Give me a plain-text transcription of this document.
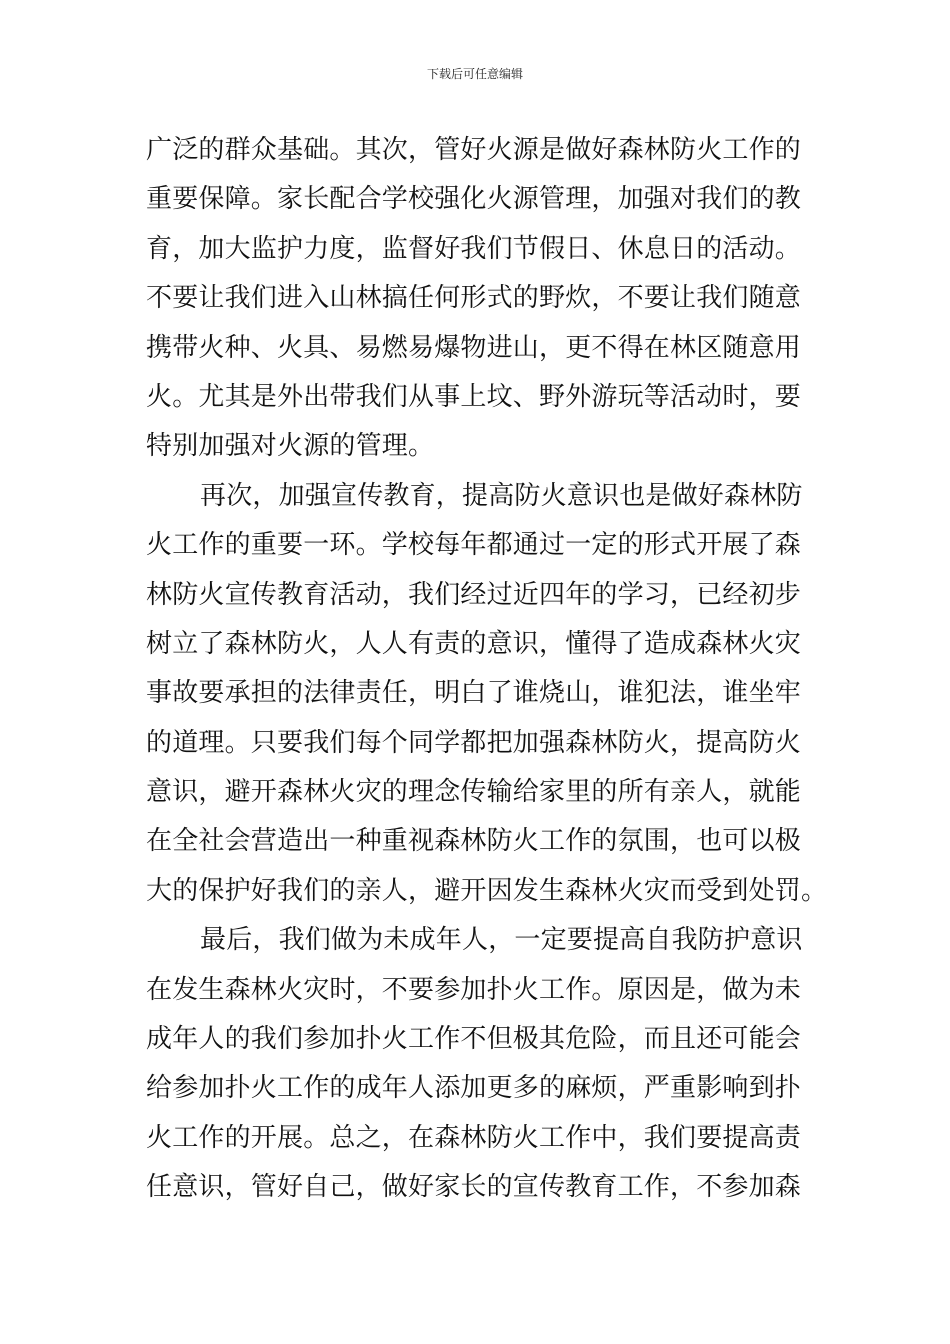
下载后可任意编辑
广泛的群众基础。其次，管好火源是做好森林防火工作的
重要保障。家长配合学校强化火源管理，加强对我们的教
育，加大监护力度，监督好我们节假日、休息日的活动。
不要让我们进入山林搞任何形式的野炊，不要让我们随意
携带火种、火具、易燃易爆物进山，更不得在林区随意用
火。尤其是外出带我们从事上坟、野外游玩等活动时，要
特别加强对火源的管理。
再次，加强宣传教育，提高防火意识也是做好森林防
火工作的重要一环。学校每年都通过一定的形式开展了森
林防火宣传教育活动，我们经过近四年的学习，已经初步
树立了森林防火，人人有责的意识，懂得了造成森林火灾
事故要承担的法律责任，明白了谁烧山，谁犯法，谁坐牢
的道理。只要我们每个同学都把加强森林防火，提高防火
意识，避开森林火灾的理念传输给家里的所有亲人，就能
在全社会营造出一种重视森林防火工作的氛围，也可以极
大的保护好我们的亲人，避开因发生森林火灾而受到处罚。
最后，我们做为未成年人，一定要提高自我防护意识
在发生森林火灾时，不要参加扑火工作。原因是，做为未
成年人的我们参加扑火工作不但极其危险，而且还可能会
给参加扑火工作的成年人添加更多的麻烦，严重影响到扑
火工作的开展。总之，在森林防火工作中，我们要提高责
任意识，管好自己，做好家长的宣传教育工作，不参加森
